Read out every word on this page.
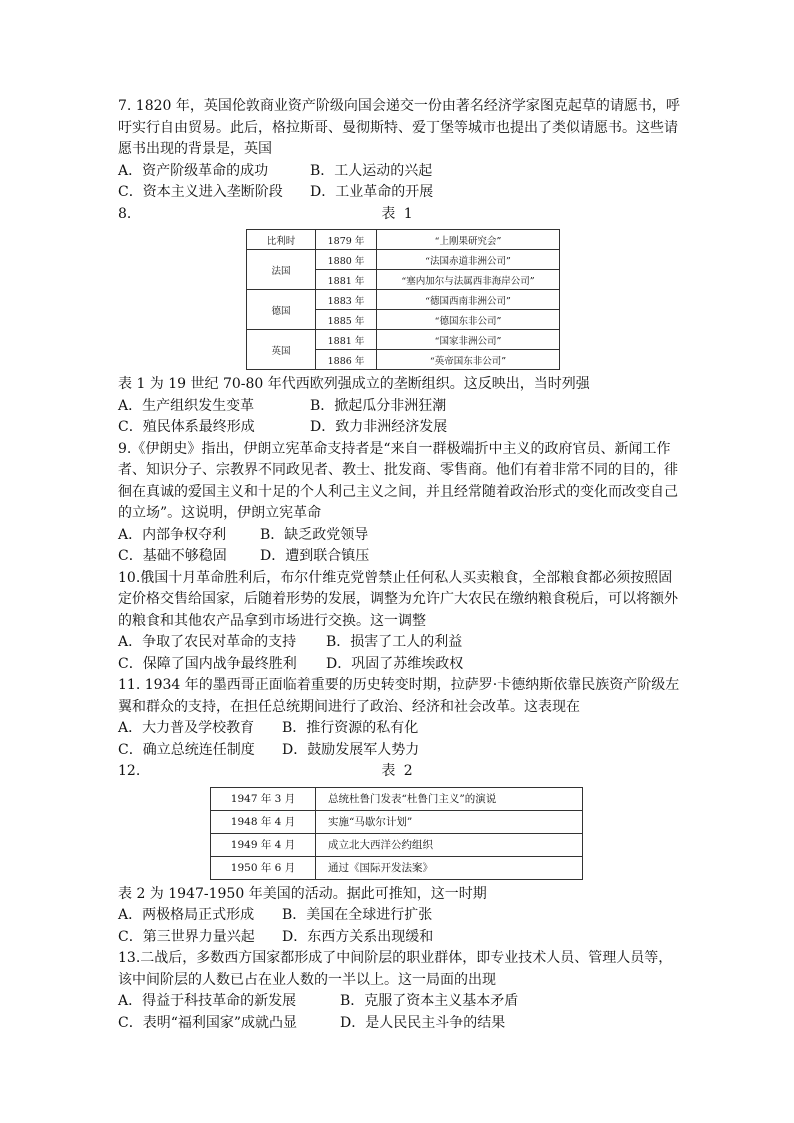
7. 1820 年，英国伦敦商业资产阶级向国会递交一份由著名经济学家图克起草的请愿书，呼

吁实行自由贸易。此后，格拉斯哥、曼彻斯特、爱丁堡等城市也提出了类似请愿书。这些请

愿书出现的背景是，英国

A．资产阶级革命的成功	B．工人运动的兴起

C．资本主义进入垄断阶段 D．工业革命的开展

8．	表 1
比利时	1879 年	“上刚果研究会”
法国	1880 年	“法国赤道非洲公司”
	1881 年	“塞内加尔与法属西非海岸公司”
德国	1883 年	“德国西南非洲公司”
	1885 年	“德国东非公司”
英国	1881 年	“国家非洲公司”
	1886 年	“英帝国东非公司”

表 1 为 19 世纪 70-80 年代西欧列强成立的垄断组织。这反映出，当时列强

A．生产组织发生变革	B．掀起瓜分非洲狂潮

C．殖民体系最终形成	D．致力非洲经济发展

9.《伊朗史》指出，伊朗立宪革命支持者是“来自一群极端折中主义的政府官员、新闻工作

者、知识分子、宗教界不同政见者、教士、批发商、零售商。他们有着非常不同的目的，徘

徊在真诚的爱国主义和十足的个人利己主义之间，并且经常随着政治形式的变化而改变自己

的立场”。这说明，伊朗立宪革命

A．内部争权夺利 B．缺乏政党领导

C．基础不够稳固 D．遭到联合镇压

10.俄国十月革命胜利后，布尔什维克党曾禁止任何私人买卖粮食，全部粮食都必须按照固

定价格交售给国家，后随着形势的发展，调整为允许广大农民在缴纳粮食税后，可以将额外

的粮食和其他农产品拿到市场进行交换。这一调整

A．争取了农民对革命的支持 B．损害了工人的利益

C．保障了国内战争最终胜利 D．巩固了苏维埃政权

11. 1934 年的墨西哥正面临着重要的历史转变时期，拉萨罗·卡德纳斯依靠民族资产阶级左

翼和群众的支持，在担任总统期间进行了政治、经济和社会改革。这表现在

A．大力普及学校教育 B．推行资源的私有化

C．确立总统连任制度 D．鼓励发展军人势力

12.	表 2
1947 年 3 月	总统杜鲁门发表“杜鲁门主义”的演说
1948 年 4 月	实施“马歇尔计划”
1949 年 4 月	成立北大西洋公约组织
1950 年 6 月	通过《国际开发法案》

表 2 为 1947-1950 年美国的活动。据此可推知，这一时期

A．两极格局正式形成 B．美国在全球进行扩张

C．第三世界力量兴起 D．东西方关系出现缓和

13.二战后，多数西方国家都形成了中间阶层的职业群体，即专业技术人员、管理人员等，

该中间阶层的人数已占在业人数的一半以上。这一局面的出现

A．得益于科技革命的新发展	B．克服了资本主义基本矛盾

C．表明“福利国家”成就凸显	D．是人民民主斗争的结果
